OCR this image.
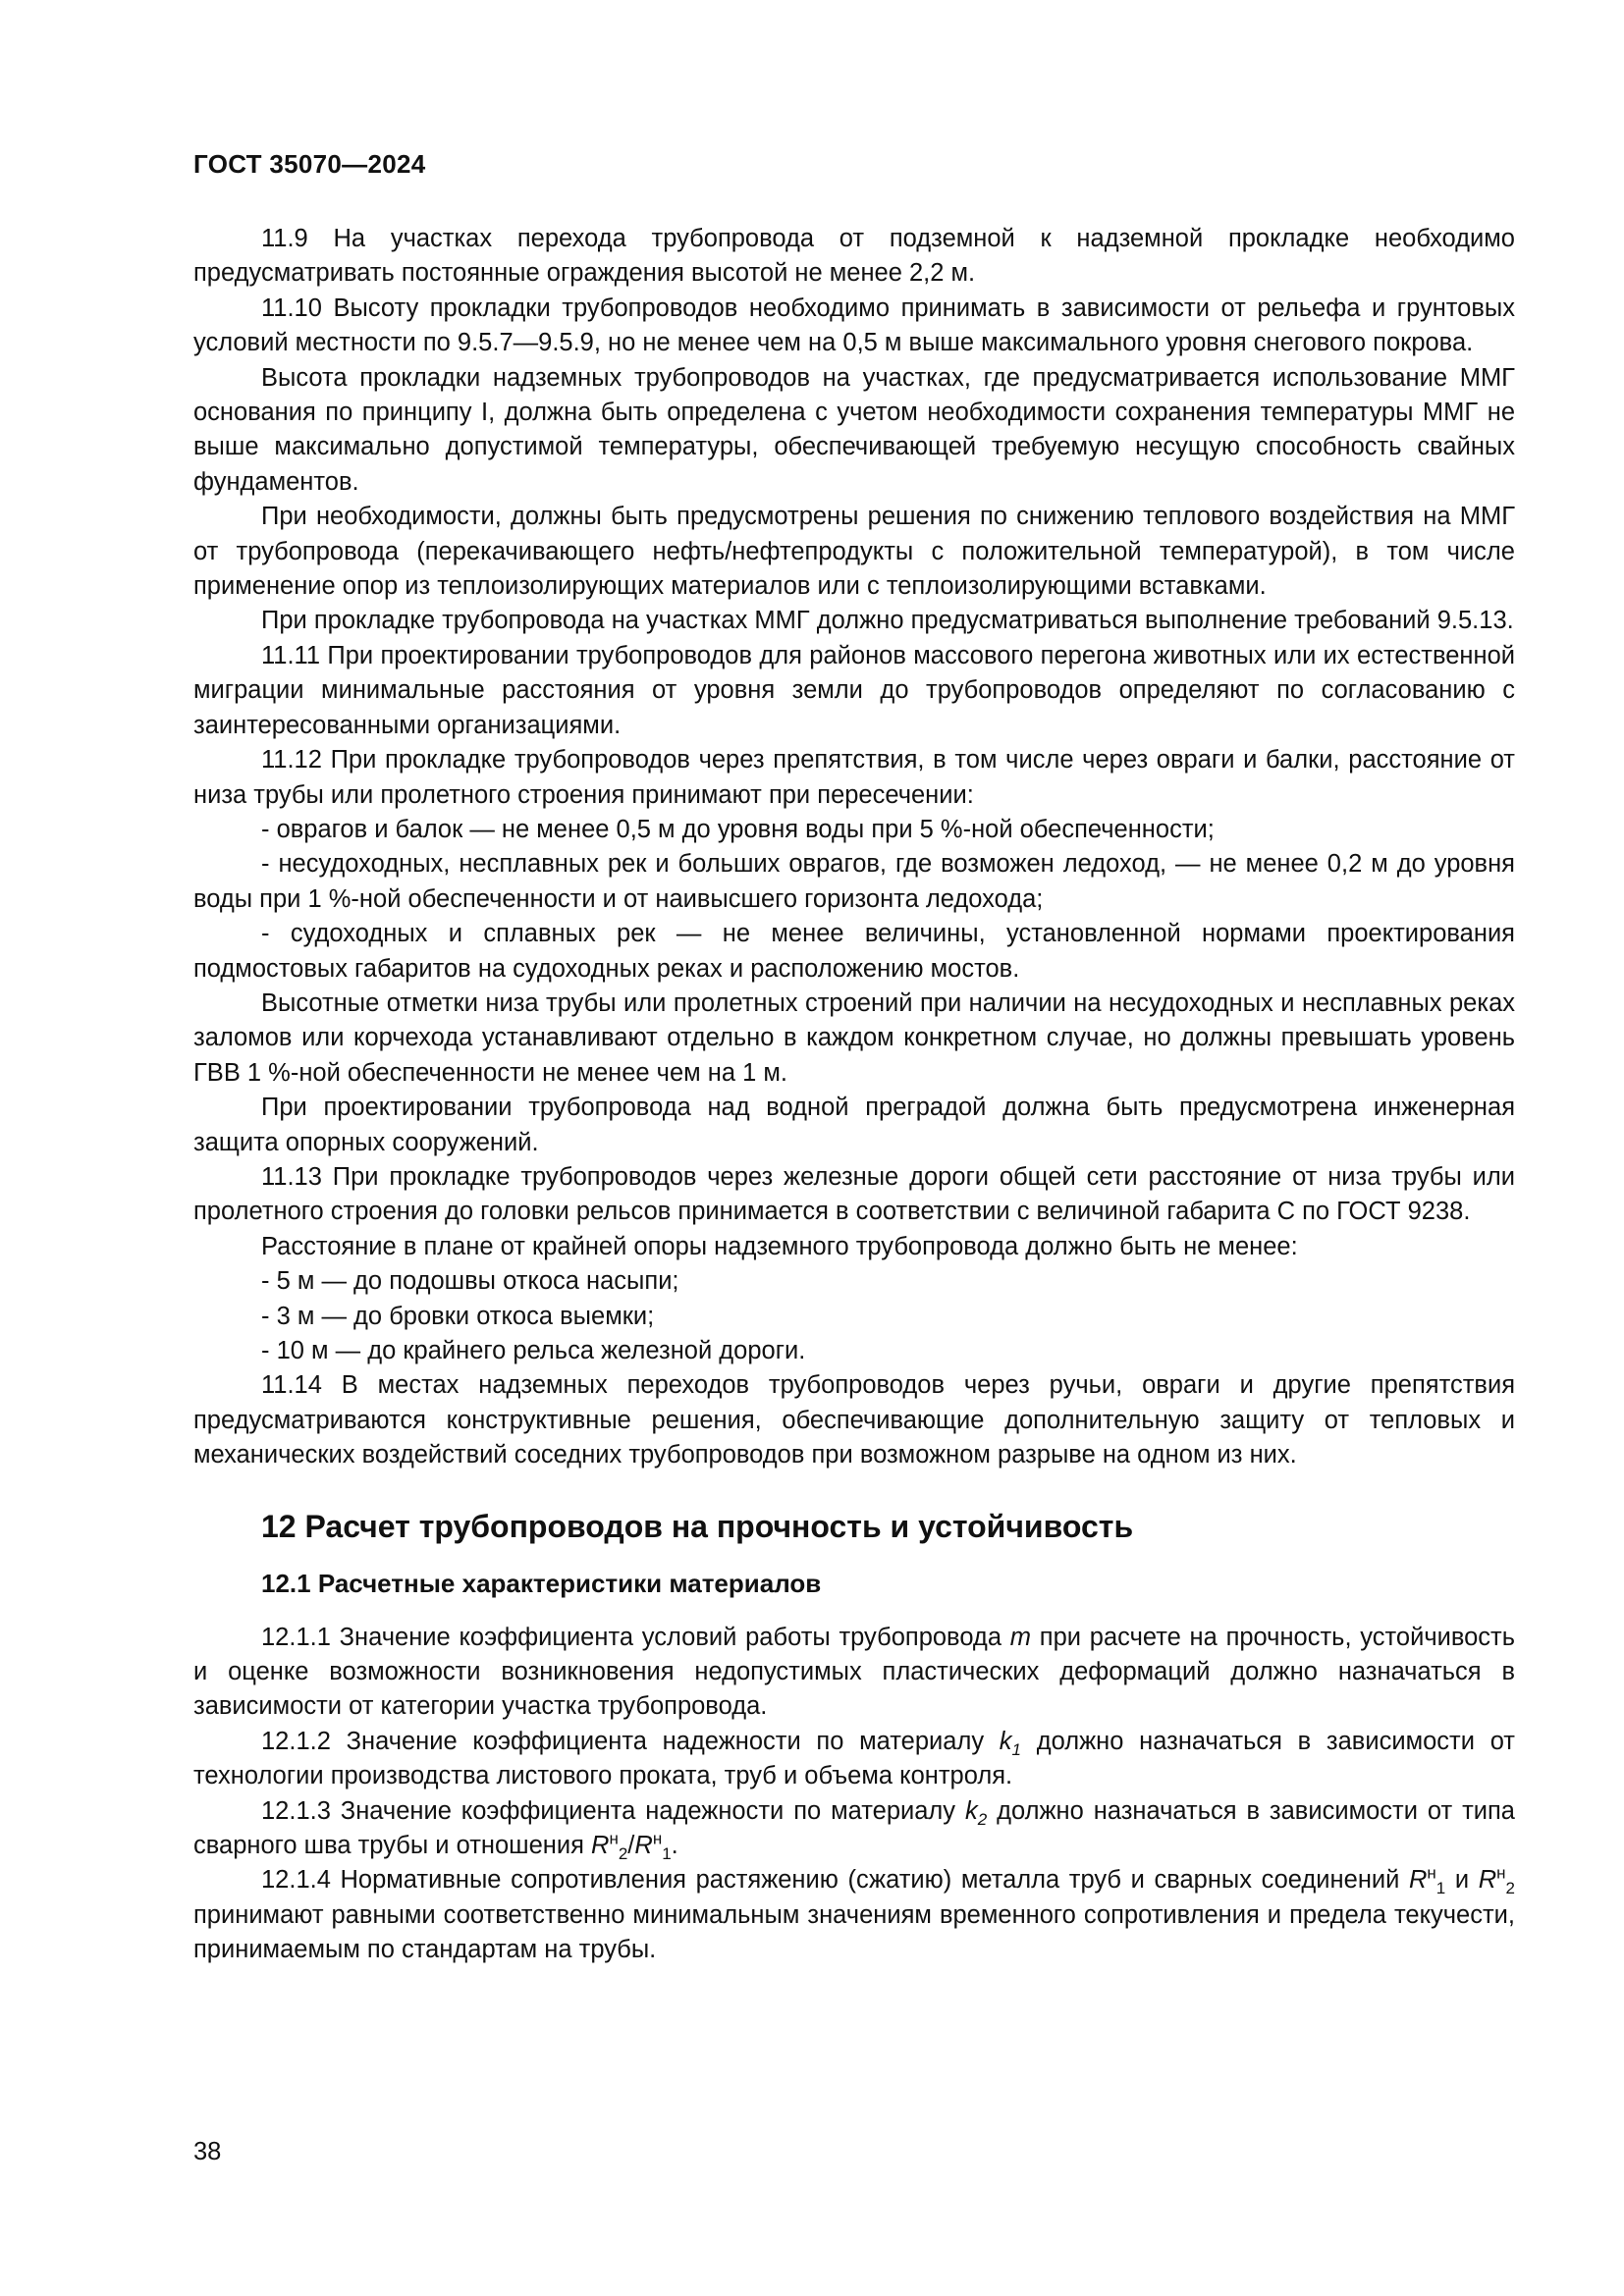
ГОСТ 35070—2024

11.9 На участках перехода трубопровода от подземной к надземной прокладке необходимо предусматривать постоянные ограждения высотой не менее 2,2 м.

11.10 Высоту прокладки трубопроводов необходимо принимать в зависимости от рельефа и грунтовых условий местности по 9.5.7—9.5.9, но не менее чем на 0,5 м выше максимального уровня снегового покрова.

Высота прокладки надземных трубопроводов на участках, где предусматривается использование ММГ основания по принципу I, должна быть определена с учетом необходимости сохранения температуры ММГ не выше максимально допустимой температуры, обеспечивающей требуемую несущую способность свайных фундаментов.

При необходимости, должны быть предусмотрены решения по снижению теплового воздействия на ММГ от трубопровода (перекачивающего нефть/нефтепродукты с положительной температурой), в том числе применение опор из теплоизолирующих материалов или с теплоизолирующими вставками.

При прокладке трубопровода на участках ММГ должно предусматриваться выполнение требований 9.5.13.

11.11 При проектировании трубопроводов для районов массового перегона животных или их естественной миграции минимальные расстояния от уровня земли до трубопроводов определяют по согласованию с заинтересованными организациями.

11.12 При прокладке трубопроводов через препятствия, в том числе через овраги и балки, расстояние от низа трубы или пролетного строения принимают при пересечении:

- оврагов и балок — не менее 0,5 м до уровня воды при 5 %-ной обеспеченности;

- несудоходных, несплавных рек и больших оврагов, где возможен ледоход, — не менее 0,2 м до уровня воды при 1 %-ной обеспеченности и от наивысшего горизонта ледохода;

- судоходных и сплавных рек — не менее величины, установленной нормами проектирования подмостовых габаритов на судоходных реках и расположению мостов.

Высотные отметки низа трубы или пролетных строений при наличии на несудоходных и несплавных реках заломов или корчехода устанавливают отдельно в каждом конкретном случае, но должны превышать уровень ГВВ 1 %-ной обеспеченности не менее чем на 1 м.

При проектировании трубопровода над водной преградой должна быть предусмотрена инженерная защита опорных сооружений.

11.13 При прокладке трубопроводов через железные дороги общей сети расстояние от низа трубы или пролетного строения до головки рельсов принимается в соответствии с величиной габарита С по ГОСТ 9238.

Расстояние в плане от крайней опоры надземного трубопровода должно быть не менее:

- 5 м — до подошвы откоса насыпи;

- 3 м — до бровки откоса выемки;

- 10 м — до крайнего рельса железной дороги.

11.14 В местах надземных переходов трубопроводов через ручьи, овраги и другие препятствия предусматриваются конструктивные решения, обеспечивающие дополнительную защиту от тепловых и механических воздействий соседних трубопроводов при возможном разрыве на одном из них.

12 Расчет трубопроводов на прочность и устойчивость
12.1 Расчетные характеристики материалов

12.1.1 Значение коэффициента условий работы трубопровода m при расчете на прочность, устойчивость и оценке возможности возникновения недопустимых пластических деформаций должно назначаться в зависимости от категории участка трубопровода.

12.1.2 Значение коэффициента надежности по материалу $k_1$ должно назначаться в зависимости от технологии производства листового проката, труб и объема контроля.

12.1.3 Значение коэффициента надежности по материалу $k_2$ должно назначаться в зависимости от типа сварного шва трубы и отношения $R^н_2/R^н_1$.

12.1.4 Нормативные сопротивления растяжению (сжатию) металла труб и сварных соединений $R^н_1$ и $R^н_2$ принимают равными соответственно минимальным значениям временного сопротивления и предела текучести, принимаемым по стандартам на трубы.

38
